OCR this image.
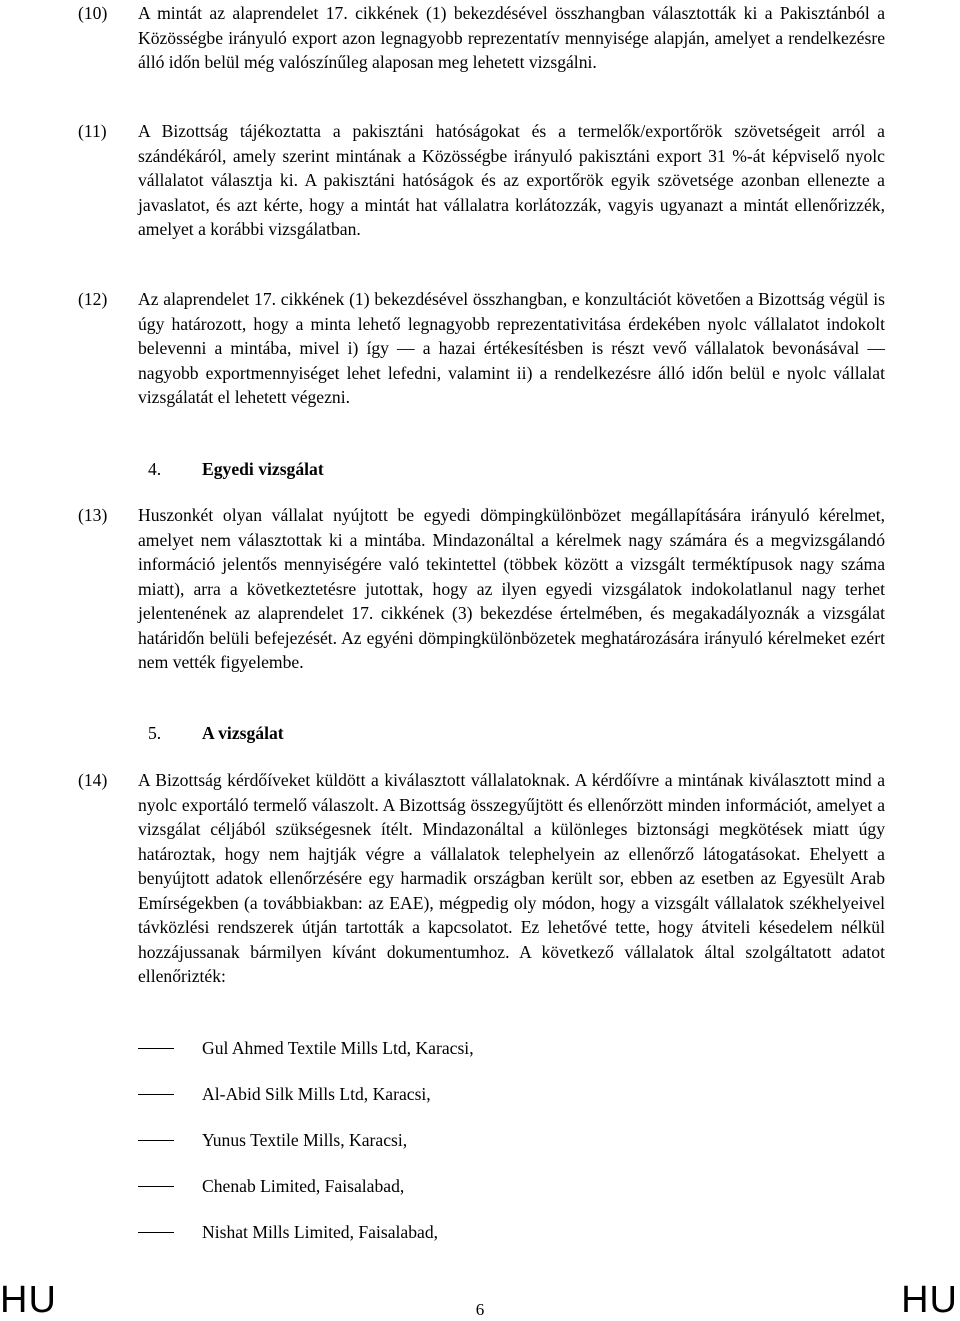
(10) A mintát az alaprendelet 17. cikkének (1) bekezdésével összhangban választották ki a Pakisztánból a Közösségbe irányuló export azon legnagyobb reprezentatív mennyisége alapján, amelyet a rendelkezésre álló időn belül még valószínűleg alaposan meg lehetett vizsgálni.
(11) A Bizottság tájékoztatta a pakisztáni hatóságokat és a termelők/exportőrök szövetségeit arról a szándékáról, amely szerint mintának a Közösségbe irányuló pakisztáni export 31 %-át képviselő nyolc vállalatot választja ki. A pakisztáni hatóságok és az exportőrök egyik szövetsége azonban ellenezte a javaslatot, és azt kérte, hogy a mintát hat vállalatra korlátozzák, vagyis ugyanazt a mintát ellenőrizzék, amelyet a korábbi vizsgálatban.
(12) Az alaprendelet 17. cikkének (1) bekezdésével összhangban, e konzultációt követően a Bizottság végül is úgy határozott, hogy a minta lehető legnagyobb reprezentativitása érdekében nyolc vállalatot indokolt belevenni a mintába, mivel i) így — a hazai értékesítésben is részt vevő vállalatok bevonásával — nagyobb exportmennyiséget lehet lefedni, valamint ii) a rendelkezésre álló időn belül e nyolc vállalat vizsgálatát el lehetett végezni.
4. Egyedi vizsgálat
(13) Huszonkét olyan vállalat nyújtott be egyedi dömpingkülönbözet megállapítására irányuló kérelmet, amelyet nem választottak ki a mintába. Mindazonáltal a kérelmek nagy számára és a megvizsgálandó információ jelentős mennyiségére való tekintettel (többek között a vizsgált terméktípusok nagy száma miatt), arra a következtetésre jutottak, hogy az ilyen egyedi vizsgálatok indokolatlanul nagy terhet jelentenének az alaprendelet 17. cikkének (3) bekezdése értelmében, és megakadályoznák a vizsgálat határidőn belüli befejezését. Az egyéni dömpingkülönbözetek meghatározására irányuló kérelmeket ezért nem vették figyelembe.
5. A vizsgálat
(14) A Bizottság kérdőíveket küldött a kiválasztott vállalatoknak. A kérdőívre a mintának kiválasztott mind a nyolc exportáló termelő válaszolt. A Bizottság összegyűjtött és ellenőrzött minden információt, amelyet a vizsgálat céljából szükségesnek ítélt. Mindazonáltal a különleges biztonsági megkötések miatt úgy határoztak, hogy nem hajtják végre a vállalatok telephelyein az ellenőrző látogatásokat. Ehelyett a benyújtott adatok ellenőrzésére egy harmadik országban került sor, ebben az esetben az Egyesült Arab Emírségekben (a továbbiakban: az EAE), mégpedig oly módon, hogy a vizsgált vállalatok székhelyeivel távközlési rendszerek útján tartották a kapcsolatot. Ez lehetővé tette, hogy átviteli késedelem nélkül hozzájussanak bármilyen kívánt dokumentumhoz. A következő vállalatok által szolgáltatott adatot ellenőrizték:
Gul Ahmed Textile Mills Ltd, Karacsi,
Al-Abid Silk Mills Ltd, Karacsi,
Yunus Textile Mills, Karacsi,
Chenab Limited, Faisalabad,
Nishat Mills Limited, Faisalabad,
HU	6	HU
